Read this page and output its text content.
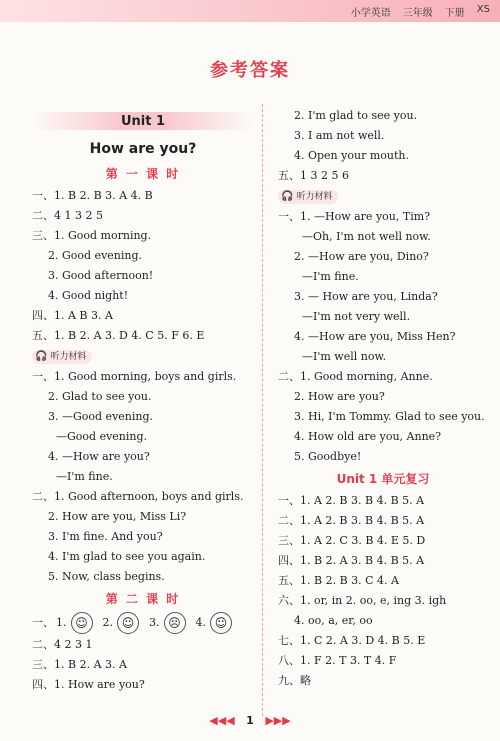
小学英语 三年级 下册 XS
参考答案
Unit 1
How are you?
第 一 课 时
一、1. B 2. B 3. A 4. B
二、4 1 3 2 5
三、1. Good morning.
2. Good evening.
3. Good afternoon!
4. Good night!
四、1. A B 3. A
五、1. B 2. A 3. D 4. C 5. F 6. E
🎧 听力材料
一、1. Good morning, boys and girls.
2. Glad to see you.
3. —Good evening.
—Good evening.
4. —How are you?
—I'm fine.
二、1. Good afternoon, boys and girls.
2. How are you, Miss Li?
3. I'm fine. And you?
4. I'm glad to see you again.
5. Now, class begins.
第 二 课 时
一、 1. ☺	2. ☺	3. ☹	4. ☺
二、4 2 3 1
三、1. B 2. A 3. A
四、1. How are you?
2. I'm glad to see you.
3. I am not well.
4. Open your mouth.
五、1 3 2 5 6
🎧 听力材料
一、1. —How are you, Tim?
—Oh, I'm not well now.
2. —How are you, Dino?
—I'm fine.
3. — How are you, Linda?
—I'm not very well.
4. —How are you, Miss Hen?
—I'm well now.
二、1. Good morning, Anne.
2. How are you?
3. Hi, I'm Tommy. Glad to see you.
4. How old are you, Anne?
5. Goodbye!
Unit 1 单元复习
一、1. A 2. B 3. B 4. B 5. A
二、1. A 2. B 3. B 4. B 5. A
三、1. A 2. C 3. B 4. E 5. D
四、1. B 2. A 3. B 4. B 5. A
五、1. B 2. B 3. C 4. A
六、1. or, in 2. oo, e, ing 3. igh
4. oo, a, er, oo
七、1. C 2. A 3. D 4. B 5. E
八、1. F 2. T 3. T 4. F
九、略
◀◀◀ 1 ▶▶▶
